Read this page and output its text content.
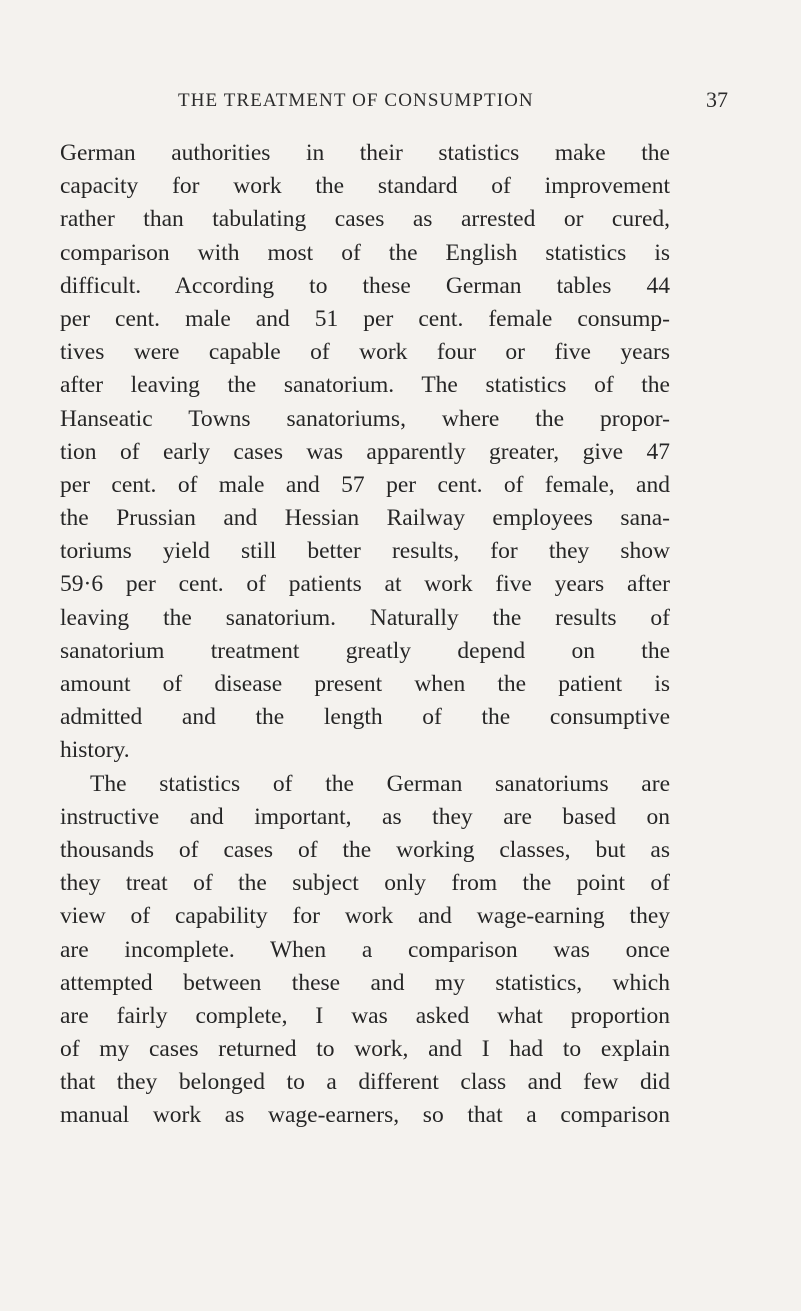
THE TREATMENT OF CONSUMPTION	37
German authorities in their statistics make the
capacity for work the standard of improvement
rather than tabulating cases as arrested or cured,
comparison with most of the English statistics is
difficult. According to these German tables 44
per cent. male and 51 per cent. female consump-
tives were capable of work four or five years
after leaving the sanatorium. The statistics of the
Hanseatic Towns sanatoriums, where the propor-
tion of early cases was apparently greater, give 47
per cent. of male and 57 per cent. of female, and
the Prussian and Hessian Railway employees sana-
toriums yield still better results, for they show
59·6 per cent. of patients at work five years after
leaving the sanatorium. Naturally the results of
sanatorium treatment greatly depend on the
amount of disease present when the patient is
admitted and the length of the consumptive
history.
The statistics of the German sanatoriums are
instructive and important, as they are based on
thousands of cases of the working classes, but as
they treat of the subject only from the point of
view of capability for work and wage-earning they
are incomplete. When a comparison was once
attempted between these and my statistics, which
are fairly complete, I was asked what proportion
of my cases returned to work, and I had to explain
that they belonged to a different class and few did
manual work as wage-earners, so that a comparison
